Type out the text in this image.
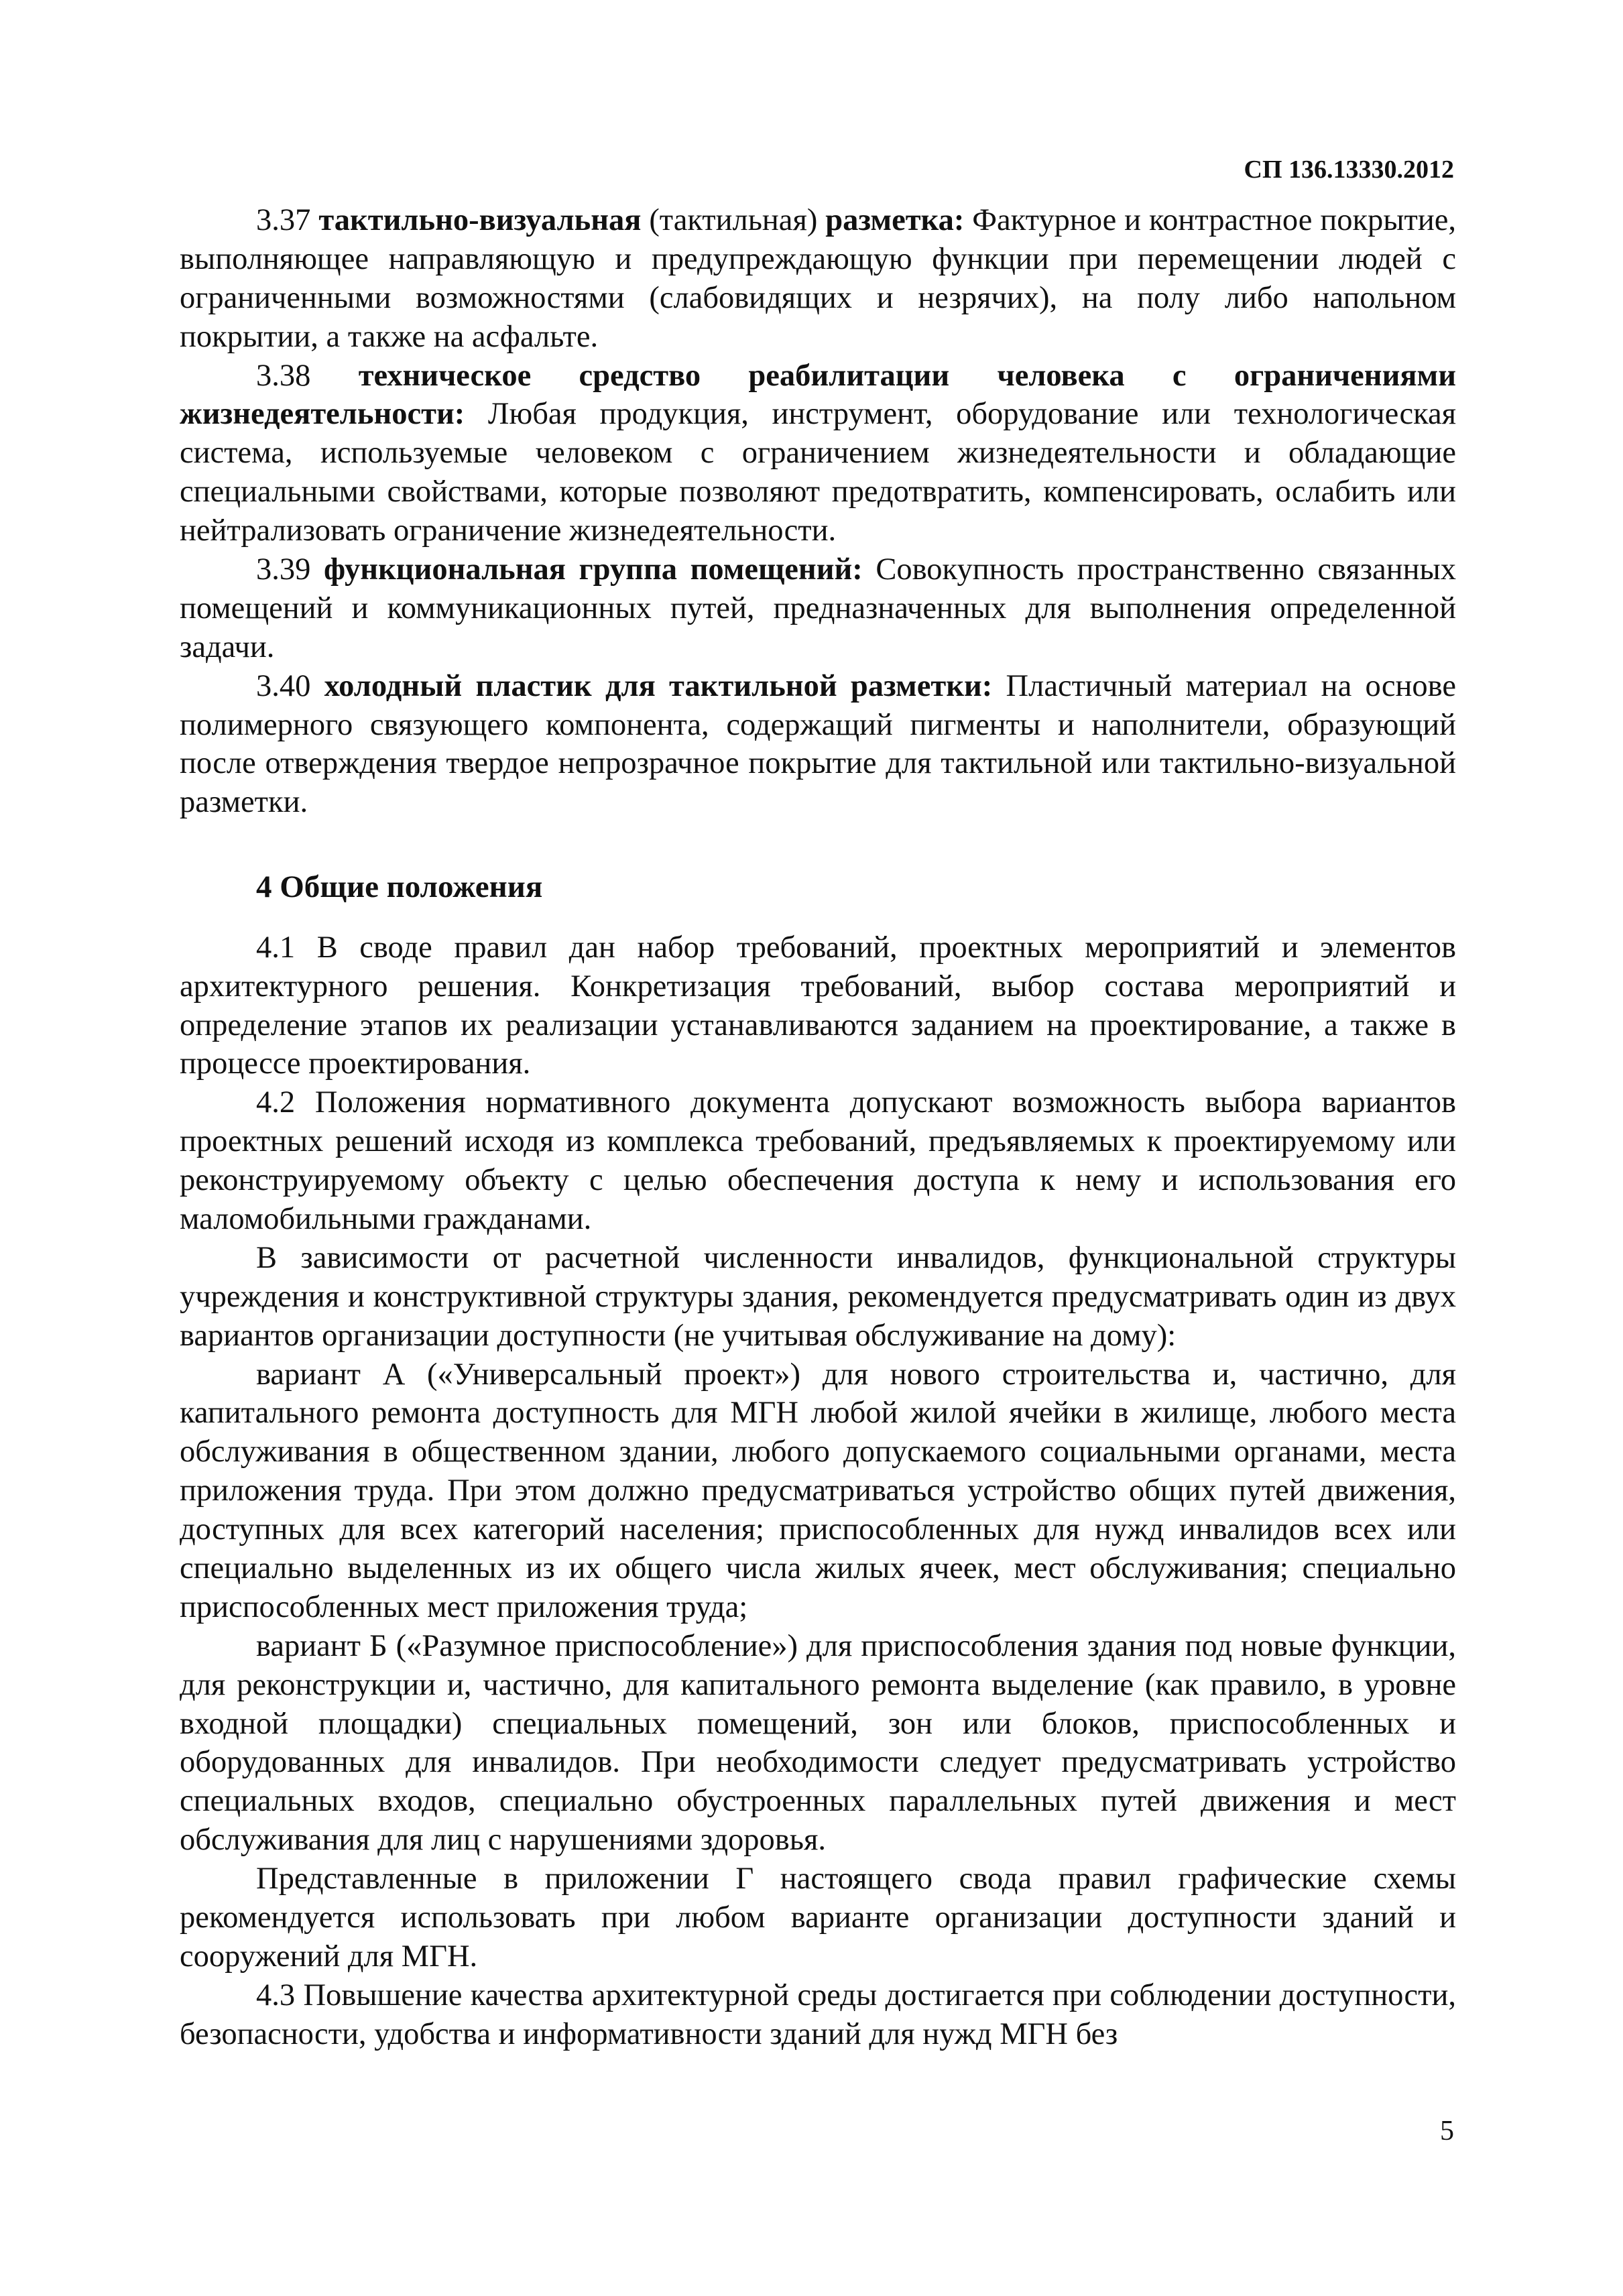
СП 136.13330.2012

3.37 тактильно-визуальная (тактильная) разметка: Фактурное и контрастное покрытие, выполняющее направляющую и предупреждающую функции при перемещении людей с ограниченными возможностями (слабовидящих и незрячих), на полу либо напольном покрытии, а также на асфальте.

3.38 техническое средство реабилитации человека с ограничениями жизнедеятельности: Любая продукция, инструмент, оборудование или технологическая система, используемые человеком с ограничением жизнедеятельности и обладающие специальными свойствами, которые позволяют предотвратить, компенсировать, ослабить или нейтрализовать ограничение жизнедеятельности.

3.39 функциональная группа помещений: Совокупность пространственно связанных помещений и коммуникационных путей, предназначенных для выполнения определенной задачи.

3.40 холодный пластик для тактильной разметки: Пластичный материал на основе полимерного связующего компонента, содержащий пигменты и наполнители, образующий после отверждения твердое непрозрачное покрытие для тактильной или тактильно-визуальной разметки.

4 Общие положения

4.1 В своде правил дан набор требований, проектных мероприятий и элементов архитектурного решения. Конкретизация требований, выбор состава мероприятий и определение этапов их реализации устанавливаются заданием на проектирование, а также в процессе проектирования.

4.2 Положения нормативного документа допускают возможность выбора вариантов проектных решений исходя из комплекса требований, предъявляемых к проектируемому или реконструируемому объекту с целью обеспечения доступа к нему и использования его маломобильными гражданами.

В зависимости от расчетной численности инвалидов, функциональной структуры учреждения и конструктивной структуры здания, рекомендуется предусматривать один из двух вариантов организации доступности (не учитывая обслуживание на дому):

вариант А («Универсальный проект») для нового строительства и, частично, для капитального ремонта доступность для МГН любой жилой ячейки в жилище, любого места обслуживания в общественном здании, любого допускаемого социальными органами, места приложения труда. При этом должно предусматриваться устройство общих путей движения, доступных для всех категорий населения; приспособленных для нужд инвалидов всех или специально выделенных из их общего числа жилых ячеек, мест обслуживания; специально приспособленных мест приложения труда;

вариант Б («Разумное приспособление») для приспособления здания под новые функции, для реконструкции и, частично, для капитального ремонта выделение (как правило, в уровне входной площадки) специальных помещений, зон или блоков, приспособленных и оборудованных для инвалидов. При необходимости следует предусматривать устройство специальных входов, специально обустроенных параллельных путей движения и мест обслуживания для лиц с нарушениями здоровья.

Представленные в приложении Г настоящего свода правил графические схемы рекомендуется использовать при любом варианте организации доступности зданий и сооружений для МГН.

4.3 Повышение качества архитектурной среды достигается при соблюдении доступности, безопасности, удобства и информативности зданий для нужд МГН без

5
